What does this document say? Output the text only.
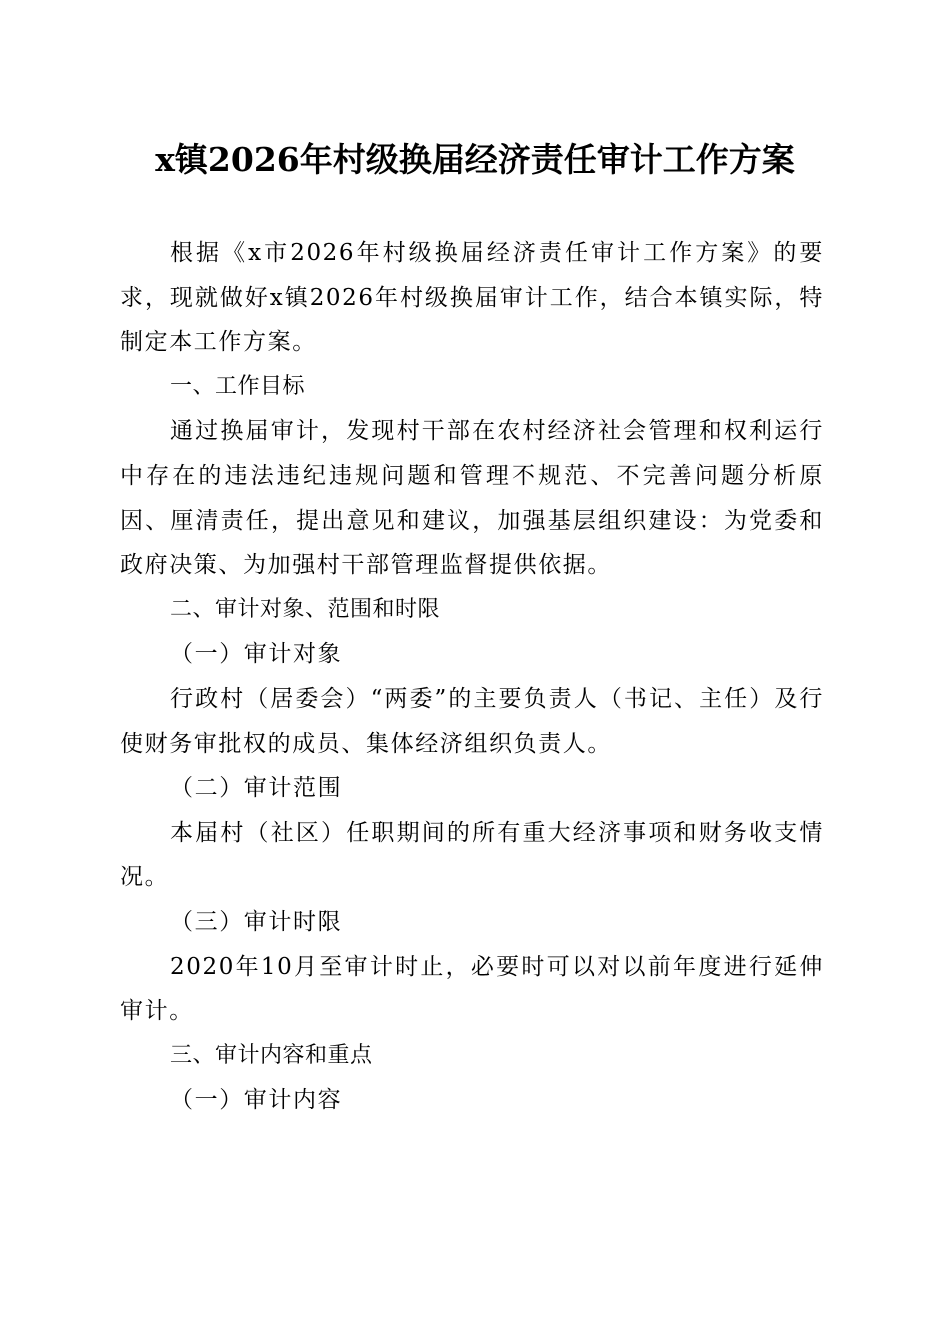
x镇2026年村级换届经济责任审计工作方案

根据《x市2026年村级换届经济责任审计工作方案》的要求，现就做好x镇2026年村级换届审计工作，结合本镇实际，特制定本工作方案。

一、工作目标

通过换届审计，发现村干部在农村经济社会管理和权利运行中存在的违法违纪违规问题和管理不规范、不完善问题分析原因、厘清责任，提出意见和建议，加强基层组织建设：为党委和政府决策、为加强村干部管理监督提供依据。

二、审计对象、范围和时限

（一）审计对象

行政村（居委会）“两委”的主要负责人（书记、主任）及行使财务审批权的成员、集体经济组织负责人。

（二）审计范围

本届村（社区）任职期间的所有重大经济事项和财务收支情况。

（三）审计时限

2020年10月至审计时止，必要时可以对以前年度进行延伸审计。

三、审计内容和重点

（一）审计内容
